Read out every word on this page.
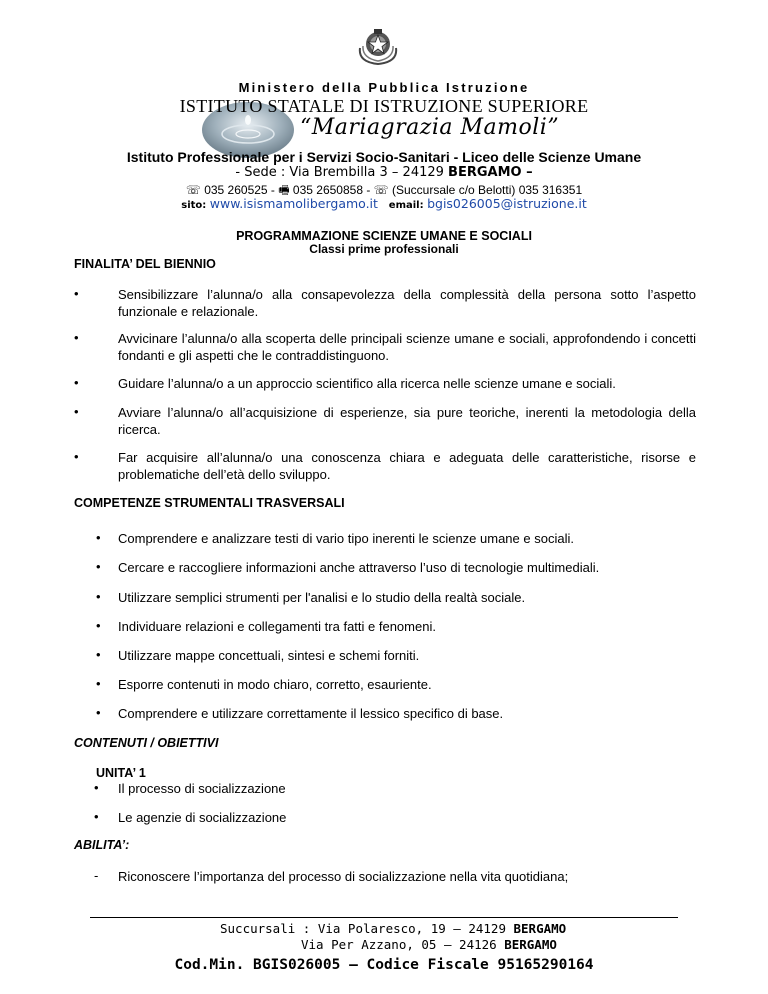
Ministero della Pubblica Istruzione
ISTITUTO STATALE DI ISTRUZIONE SUPERIORE
“Mariagrazia Mamoli”
Istituto Professionale per i Servizi Socio-Sanitari - Liceo delle Scienze Umane
- Sede : Via Brembilla 3 – 24129 BERGAMO –
☏ 035 260525 - 🖷 035 2650858 - ☏ (Succursale c/o Belotti) 035 316351
sito: www.isismamolibergamo.it email: bgis026005@istruzione.it
PROGRAMMAZIONE SCIENZE UMANE E SOCIALI
Classi prime professionali
FINALITA’ DEL BIENNIO
•	Sensibilizzare l’alunna/o alla consapevolezza della complessità della persona sotto l’aspetto funzionale e relazionale.
•	Avvicinare l’alunna/o alla scoperta delle principali scienze umane e sociali, approfondendo i concetti fondanti e gli aspetti che le contraddistinguono.
•	Guidare l’alunna/o a un approccio scientifico alla ricerca nelle scienze umane e sociali.
•	Avviare l’alunna/o all’acquisizione di esperienze, sia pure teoriche, inerenti la metodologia della ricerca.
•	Far acquisire all’alunna/o una conoscenza chiara e adeguata delle caratteristiche, risorse e problematiche dell’età dello sviluppo.
COMPETENZE STRUMENTALI TRASVERSALI
• Comprendere e analizzare testi di vario tipo inerenti le scienze umane e sociali.
• Cercare e raccogliere informazioni anche attraverso l’uso di tecnologie multimediali.
• Utilizzare semplici strumenti per l'analisi e lo studio della realtà sociale.
• Individuare relazioni e collegamenti tra fatti e fenomeni.
• Utilizzare mappe concettuali, sintesi e schemi forniti.
• Esporre contenuti in modo chiaro, corretto, esauriente.
• Comprendere e utilizzare correttamente il lessico specifico di base.
CONTENUTI / OBIETTIVI
UNITA’ 1
• Il processo di socializzazione
• Le agenzie di socializzazione
ABILITA’:
- Riconoscere l’importanza del processo di socializzazione nella vita quotidiana;
Succursali : Via Polaresco, 19 – 24129 BERGAMO
Via Per Azzano, 05 – 24126 BERGAMO
Cod.Min. BGIS026005 – Codice Fiscale 95165290164
